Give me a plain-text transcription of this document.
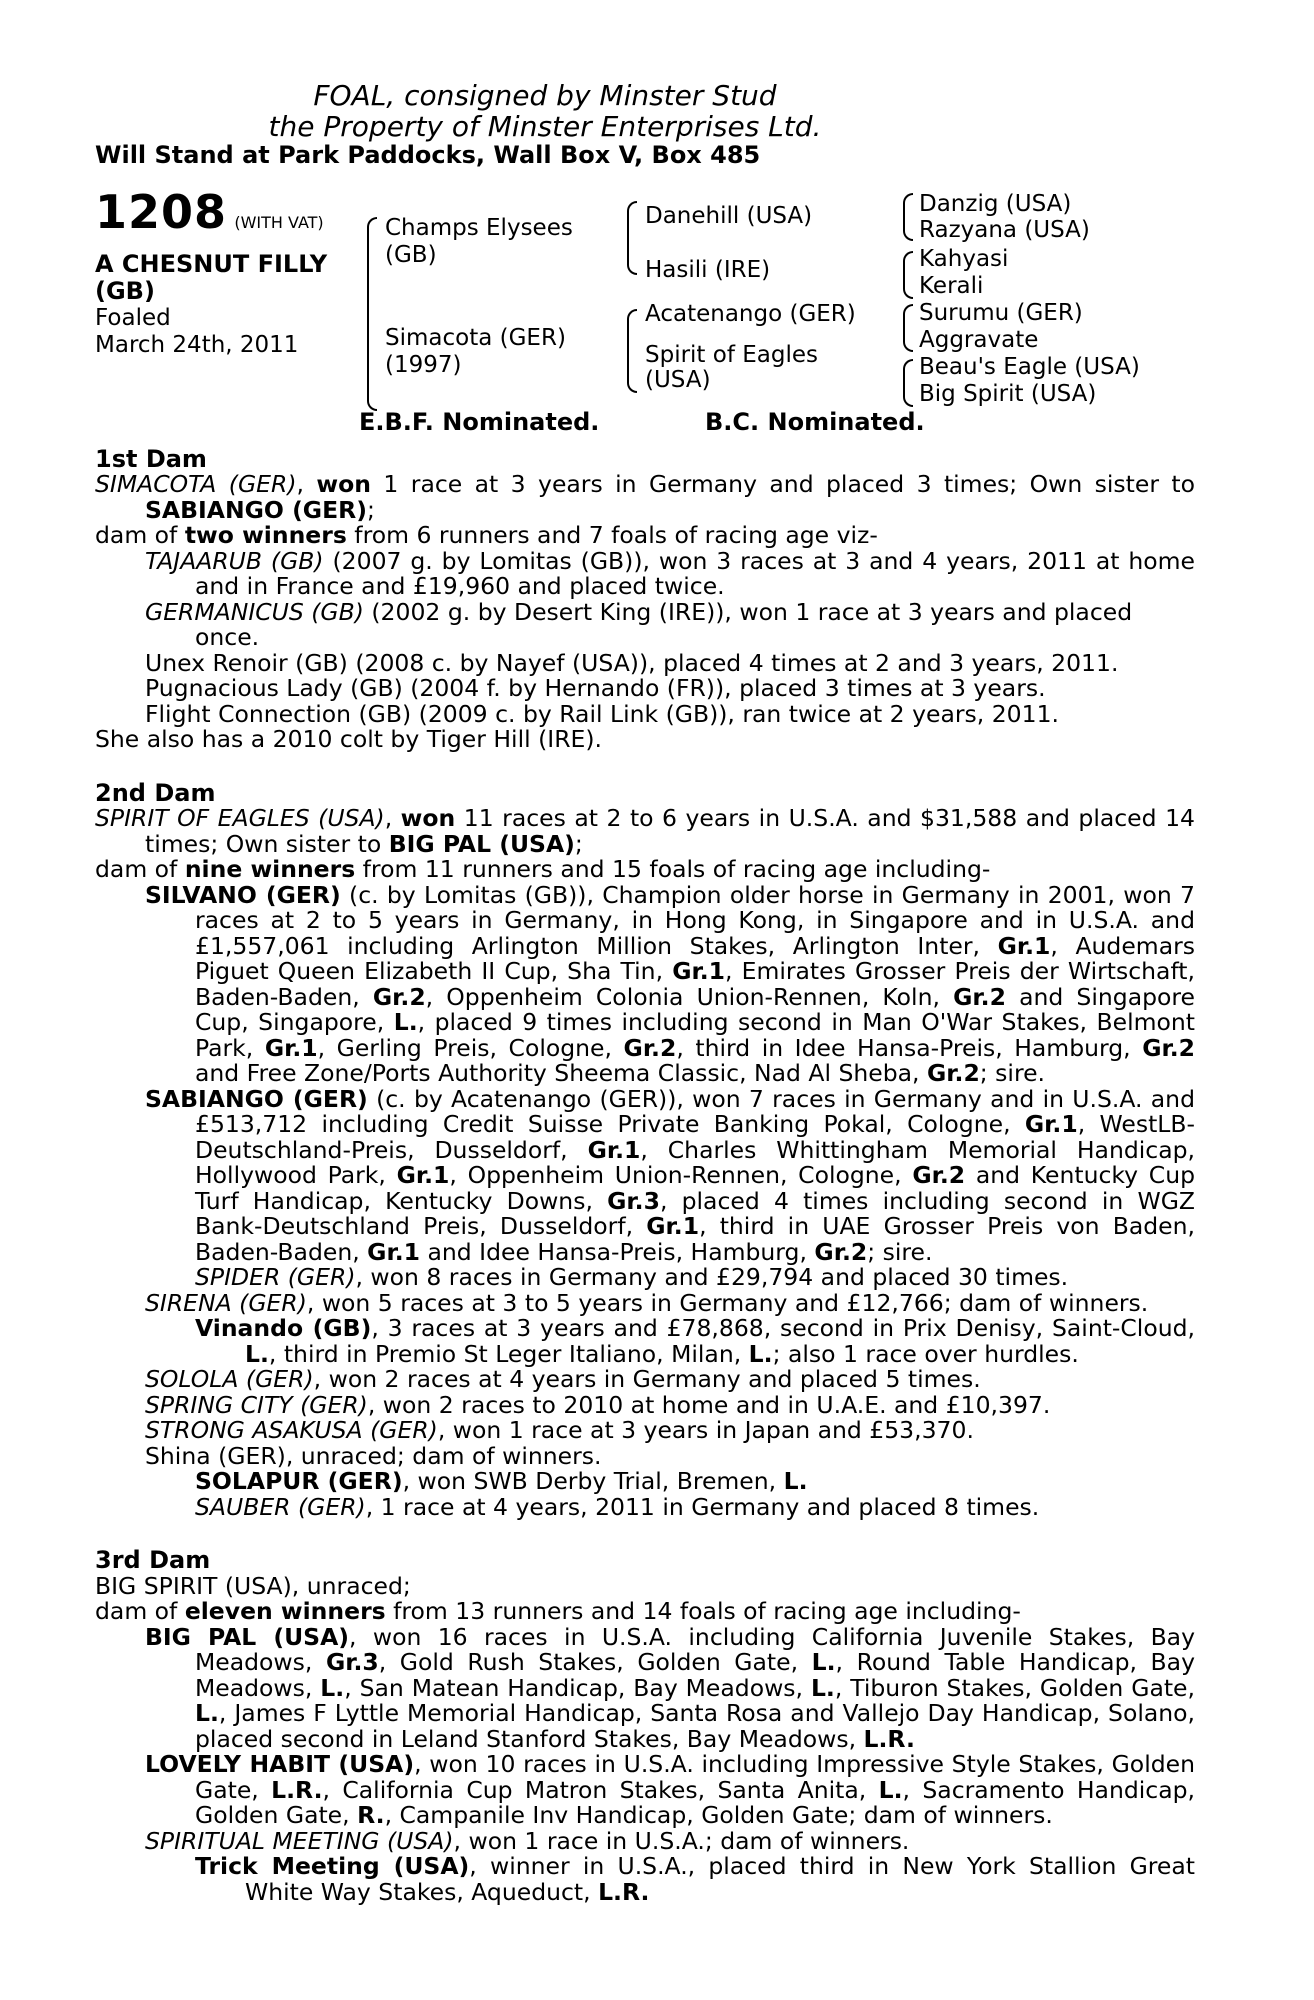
FOAL, consigned by Minster Stud
the Property of Minster Enterprises Ltd.
Will Stand at Park Paddocks, Wall Box V, Box 485
1208 (WITH VAT)
A CHESNUT FILLY
(GB)
Foaled
March 24th, 2011
Champs Elysees
(GB)
Simacota (GER)
(1997)
Danehill (USA)
Hasili (IRE)
Acatenango (GER)
Spirit of Eagles
(USA)
Danzig (USA)
Razyana (USA)
Kahyasi
Kerali
Surumu (GER)
Aggravate
Beau's Eagle (USA)
Big Spirit (USA)
E.B.F. Nominated.	B.C. Nominated.
1st Dam

SIMACOTA (GER), won 1 race at 3 years in Germany and placed 3 times; Own sister to SABIANGO (GER);

dam of two winners from 6 runners and 7 foals of racing age viz-

TAJAARUB (GB) (2007 g. by Lomitas (GB)), won 3 races at 3 and 4 years, 2011 at home and in France and £19,960 and placed twice.

GERMANICUS (GB) (2002 g. by Desert King (IRE)), won 1 race at 3 years and placed once.

Unex Renoir (GB) (2008 c. by Nayef (USA)), placed 4 times at 2 and 3 years, 2011.

Pugnacious Lady (GB) (2004 f. by Hernando (FR)), placed 3 times at 3 years.

Flight Connection (GB) (2009 c. by Rail Link (GB)), ran twice at 2 years, 2011.

She also has a 2010 colt by Tiger Hill (IRE).

2nd Dam

SPIRIT OF EAGLES (USA), won 11 races at 2 to 6 years in U.S.A. and $31,588 and placed 14 times; Own sister to BIG PAL (USA);

dam of nine winners from 11 runners and 15 foals of racing age including-

SILVANO (GER) (c. by Lomitas (GB)), Champion older horse in Germany in 2001, won 7 races at 2 to 5 years in Germany, in Hong Kong, in Singapore and in U.S.A. and £1,557,061 including Arlington Million Stakes, Arlington Inter, Gr.1, Audemars Piguet Queen Elizabeth II Cup, Sha Tin, Gr.1, Emirates Grosser Preis der Wirtschaft, Baden-Baden, Gr.2, Oppenheim Colonia Union-Rennen, Koln, Gr.2 and Singapore Cup, Singapore, L., placed 9 times including second in Man O'War Stakes, Belmont Park, Gr.1, Gerling Preis, Cologne, Gr.2, third in Idee Hansa-Preis, Hamburg, Gr.2 and Free Zone/Ports Authority Sheema Classic, Nad Al Sheba, Gr.2; sire.

SABIANGO (GER) (c. by Acatenango (GER)), won 7 races in Germany and in U.S.A. and £513,712 including Credit Suisse Private Banking Pokal, Cologne, Gr.1, WestLB-Deutschland-Preis, Dusseldorf, Gr.1, Charles Whittingham Memorial Handicap, Hollywood Park, Gr.1, Oppenheim Union-Rennen, Cologne, Gr.2 and Kentucky Cup Turf Handicap, Kentucky Downs, Gr.3, placed 4 times including second in WGZ Bank-Deutschland Preis, Dusseldorf, Gr.1, third in UAE Grosser Preis von Baden, Baden-Baden, Gr.1 and Idee Hansa-Preis, Hamburg, Gr.2; sire.

SPIDER (GER), won 8 races in Germany and £29,794 and placed 30 times.

SIRENA (GER), won 5 races at 3 to 5 years in Germany and £12,766; dam of winners.

Vinando (GB), 3 races at 3 years and £78,868, second in Prix Denisy, Saint-Cloud, L., third in Premio St Leger Italiano, Milan, L.; also 1 race over hurdles.

SOLOLA (GER), won 2 races at 4 years in Germany and placed 5 times.

SPRING CITY (GER), won 2 races to 2010 at home and in U.A.E. and £10,397.

STRONG ASAKUSA (GER), won 1 race at 3 years in Japan and £53,370.

Shina (GER), unraced; dam of winners.

SOLAPUR (GER), won SWB Derby Trial, Bremen, L.

SAUBER (GER), 1 race at 4 years, 2011 in Germany and placed 8 times.

3rd Dam

BIG SPIRIT (USA), unraced;

dam of eleven winners from 13 runners and 14 foals of racing age including-

BIG PAL (USA), won 16 races in U.S.A. including California Juvenile Stakes, Bay Meadows, Gr.3, Gold Rush Stakes, Golden Gate, L., Round Table Handicap, Bay Meadows, L., San Matean Handicap, Bay Meadows, L., Tiburon Stakes, Golden Gate, L., James F Lyttle Memorial Handicap, Santa Rosa and Vallejo Day Handicap, Solano, placed second in Leland Stanford Stakes, Bay Meadows, L.R.

LOVELY HABIT (USA), won 10 races in U.S.A. including Impressive Style Stakes, Golden Gate, L.R., California Cup Matron Stakes, Santa Anita, L., Sacramento Handicap, Golden Gate, R., Campanile Inv Handicap, Golden Gate; dam of winners.

SPIRITUAL MEETING (USA), won 1 race in U.S.A.; dam of winners.

Trick Meeting (USA), winner in U.S.A., placed third in New York Stallion Great White Way Stakes, Aqueduct, L.R.
